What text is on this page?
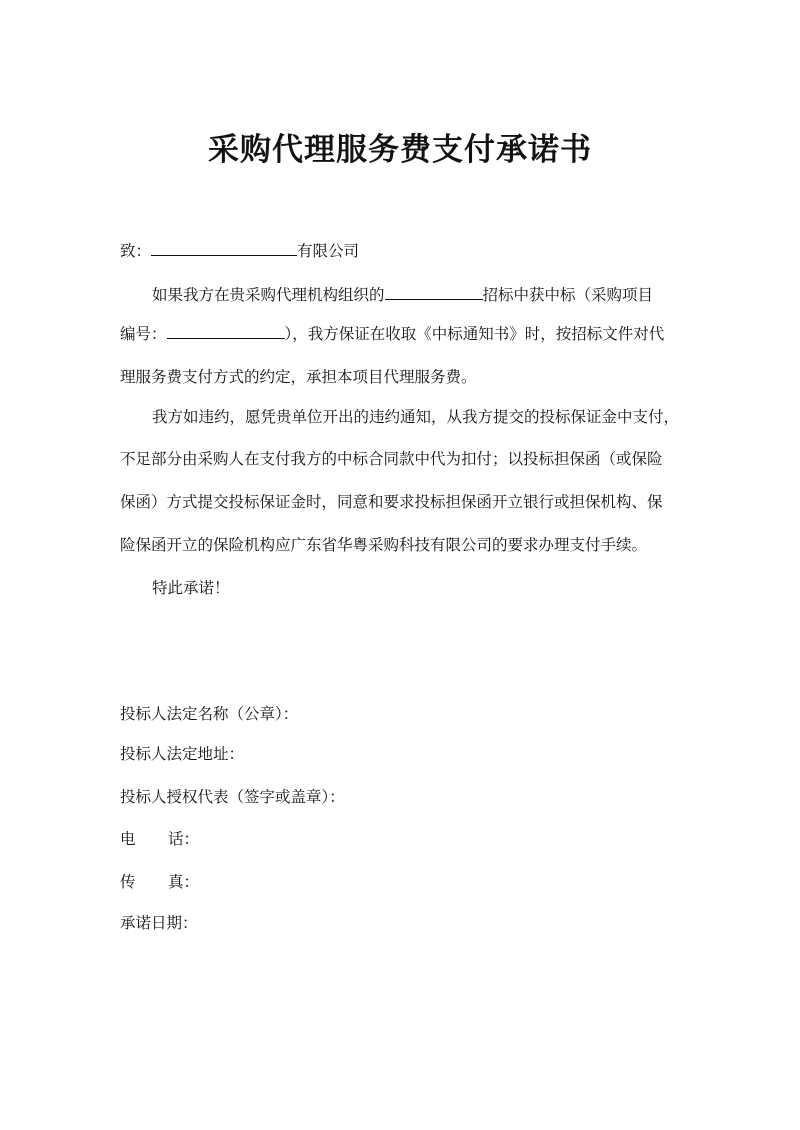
采购代理服务费支付承诺书
致：	有限公司
如果我方在贵采购代理机构组织的	招标中获中标（采购项目
编号：	），我方保证在收取《中标通知书》时，按招标文件对代
理服务费支付方式的约定，承担本项目代理服务费。
我方如违约，愿凭贵单位开出的违约通知，从我方提交的投标保证金中支付，
不足部分由采购人在支付我方的中标合同款中代为扣付；以投标担保函（或保险
保函）方式提交投标保证金时，同意和要求投标担保函开立银行或担保机构、保
险保函开立的保险机构应广东省华粤采购科技有限公司的要求办理支付手续。
特此承诺！
投标人法定名称（公章）：
投标人法定地址：
投标人授权代表（签字或盖章）：
电 话：
传 真：
承诺日期：
